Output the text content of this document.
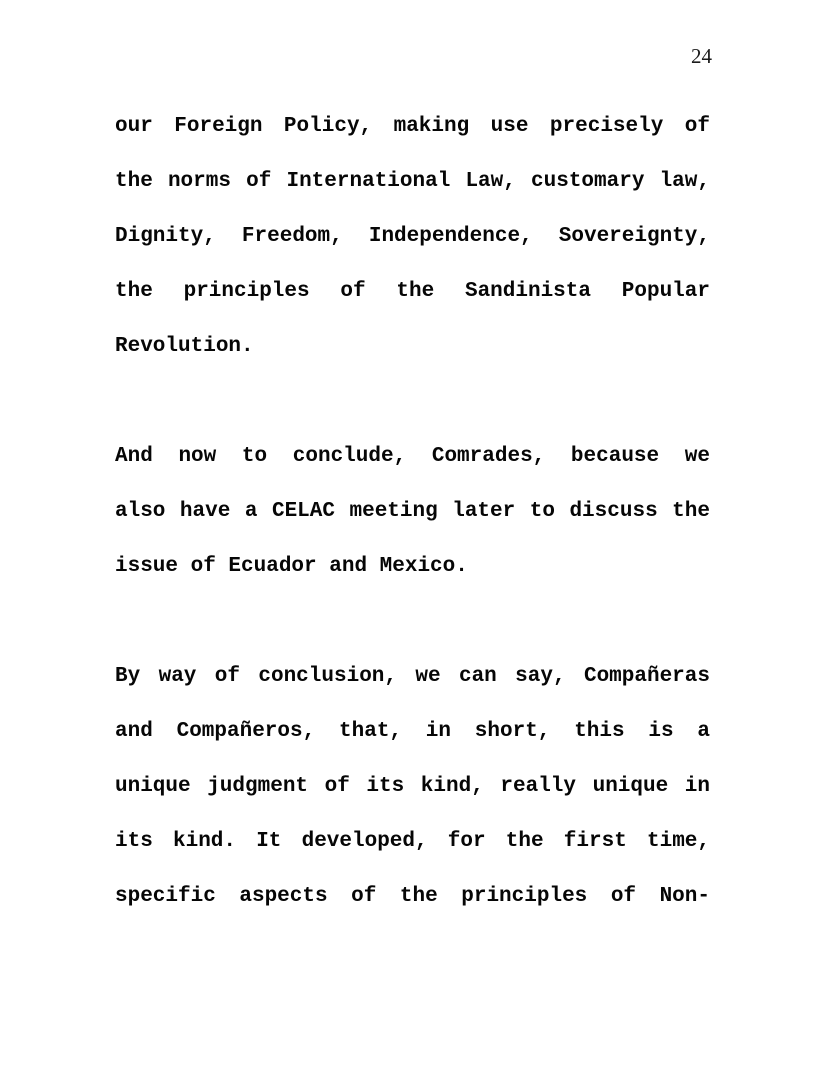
24
our Foreign Policy, making use precisely of
the norms of International Law, customary law,
Dignity, Freedom, Independence, Sovereignty,
the principles of the Sandinista Popular
Revolution.
And now to conclude, Comrades, because we
also have a CELAC meeting later to discuss the
issue of Ecuador and Mexico.
By way of conclusion, we can say, Compañeras
and Compañeros, that, in short, this is a
unique judgment of its kind, really unique in
its kind. It developed, for the first time,
specific aspects of the principles of Non-
